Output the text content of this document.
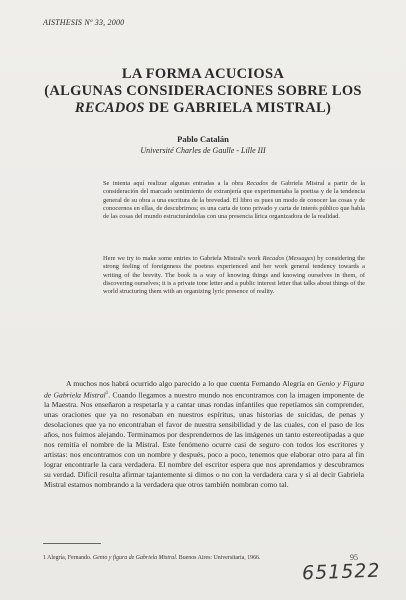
AISTHESIS Nº 33, 2000
LA FORMA ACUCIOSA
(ALGUNAS CONSIDERACIONES SOBRE LOS
RECADOS DE GABRIELA MISTRAL)
Pablo Catalán
Université Charles de Gaulle - Lille III
Se intenta aquí realizar algunas entradas a la obra Recados de Gabriela Mistral a partir de la consideración del marcado sentimiento de extranjería que experimentaba la poetisa y de la tendencia general de su obra a una escritura de la brevedad. El libro es pues un modo de conocer las cosas y de conocernos en ellas, de descubrirnos; es una carta de tono privado y carta de interés público que habla de las cosas del mundo estructurándolas con una presencia lírica organizadora de la realidad.
Here we try to make some entries to Gabriela Mistral's work Recados (Messages) by considering the strong feeling of foreignness the poetess experienced and her work general tendency towards a writing of the brevity. The book is a way of knowing things and knowing ourselves in them, of discovering ourselves; it is a private tone letter and a public interest letter that talks about things of the world structuring them with an organizing lyric presence of reality.
A muchos nos habrá ocurrido algo parecido a lo que cuenta Fernando Alegría en Genio y Figura de Gabriela Mistral$^1$. Cuando llegamos a nuestro mundo nos encontramos con la imagen imponente de la Maestra. Nos enseñaron a respetarla y a cantar unas rondas infantiles que repetíamos sin comprender, unas oraciones que ya no resonaban en nuestros espíritus, unas historias de suicidas, de penas y desolaciones que ya no encontraban el favor de nuestra sensibilidad y de las cuales, con el paso de los años, nos fuimos alejando. Terminamos por desprendernos de las imágenes un tanto estereotipadas a que nos remitía el nombre de la Mistral. Este fenómeno ocurre casi de seguro con todos los escritores y artistas: nos encontramos con un nombre y después, poco a poco, tenemos que elaborar otro para al fin lograr encontrarle la cara verdadera. El nombre del escritor espera que nos aprendamos y descubramos su verdad. Difícil resulta afirmar tajantemente si dimos o no con la verdadera cara y si al decir Gabriela Mistral estamos nombrando a la verdadera que otros también nombran como tal.
1 Alegría, Fernando. Genio y figura de Gabriela Mistral. Buenos Aires: Universitaria, 1966.	95
651522
